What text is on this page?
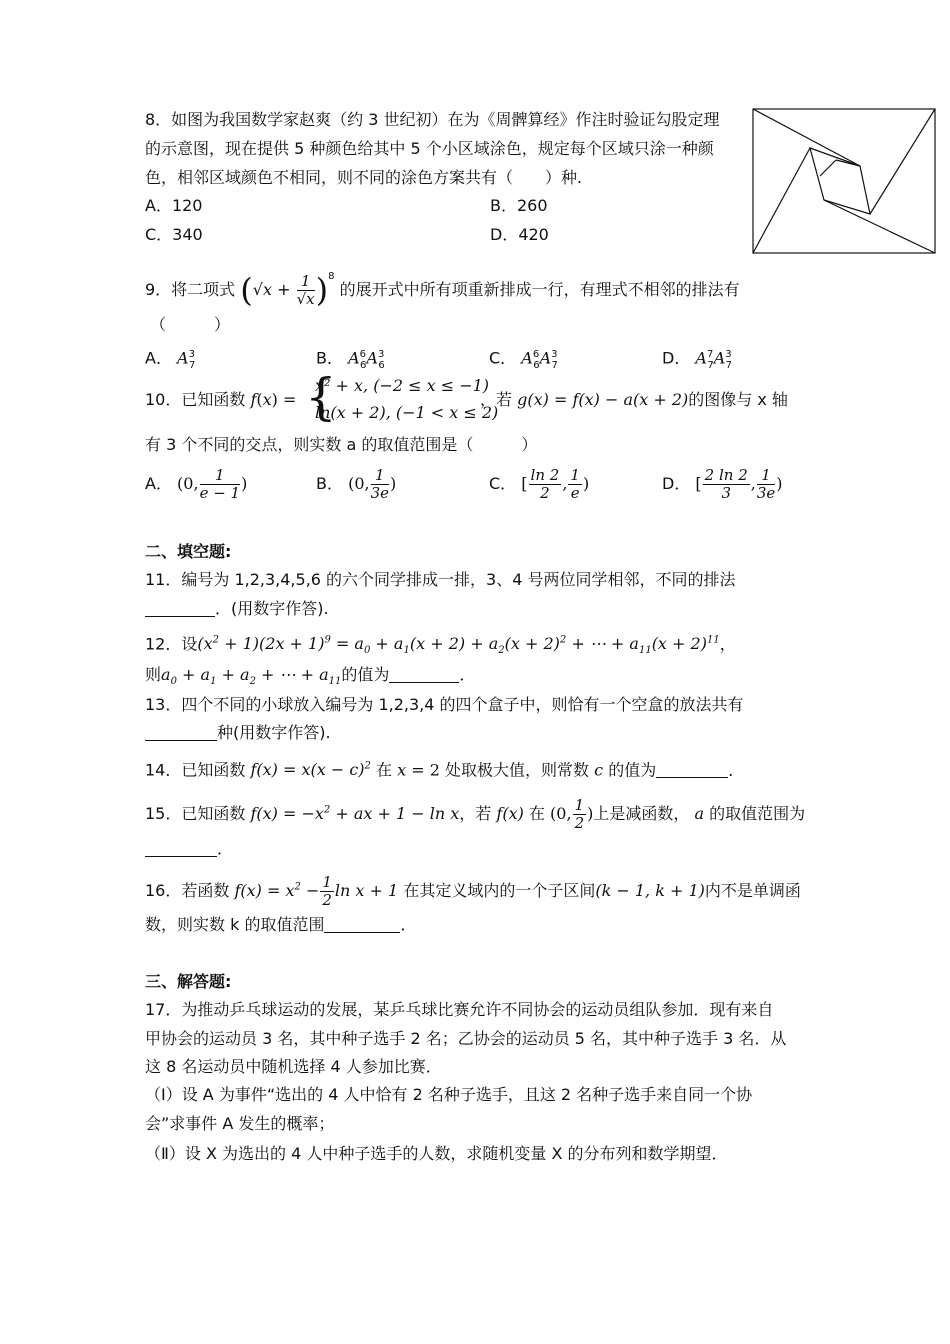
8．如图为我国数学家赵爽（约 3 世纪初）在为《周髀算经》作注时验证勾股定理
的示意图，现在提供 5 种颜色给其中 5 个小区域涂色，规定每个区域只涂一种颜
色，相邻区域颜色不相同，则不同的涂色方案共有（　　）种.
A．120	B．260
C．340	D．420
9．将二项式 $(√x + \frac{1}{√x} )^8$ 的展开式中所有项重新排成一行，有理式不相邻的排法有
（　　　）
A． $A^3_7$	B． $A^6_6A^3_6$	C． $A^6_6A^3_7$	D． $A^7_7A^3_7$
10．已知函数 f(x) = {
x² + x, (−2 ≤ x ≤ −1)
ln(x + 2), (−1 < x ≤ 2)
，若 g(x) = f(x) − a(x + 2)的图像与 x 轴
有 3 个不同的交点，则实数 a 的取值范围是（　　　）
A． (0, $\frac{1}{e - 1}$ )	B． (0, $\frac{1}{3e}$ )	C． [ $\frac{\ln 2}{2}$ , $\frac{1}{e}$ )	D． [ $\frac{2 \ln 2}{3}$ , $\frac{1}{3e}$ )
二、填空题:
11．编号为 1,2,3,4,5,6 的六个同学排成一排，3、4 号两位同学相邻，不同的排法
．(用数字作答).
12．设$(x^2 + 1)(2x + 1)^9 = a_0 + a_1(x + 2) + a_2(x + 2)^2$ + ⋯ + $a_{11}(x + 2)^{11}$，
则$a_0 + a_1 + a_2$ + ⋯ + $a_{11}$的值为	．
13．四个不同的小球放入编号为 1,2,3,4 的四个盒子中，则恰有一个空盒的放法共有
种(用数字作答).
14．已知函数 $f(x) = x(x - c)^2$ 在 x = 2 处取极大值，则常数 c 的值为	．
15．已知函数 $f(x) = -x^2$ + ax + 1 − ln x，若 f(x) 在 (0, $\frac{1}{2}$ )上是减函数， a 的取值范围为
．
16．若函数 $f(x) = x^2 - \frac{1}{2}$ ln x + 1 在其定义域内的一个子区间(k − 1, k + 1)内不是单调函
数，则实数 k 的取值范围	．
三、解答题:
17．为推动乒乓球运动的发展，某乒乓球比赛允许不同协会的运动员组队参加．现有来自
甲协会的运动员 3 名，其中种子选手 2 名；乙协会的运动员 5 名，其中种子选手 3 名．从
这 8 名运动员中随机选择 4 人参加比赛．
（Ⅰ）设 A 为事件“选出的 4 人中恰有 2 名种子选手，且这 2 名种子选手来自同一个协
会”求事件 A 发生的概率；
（Ⅱ）设 X 为选出的 4 人中种子选手的人数，求随机变量 X 的分布列和数学期望．
